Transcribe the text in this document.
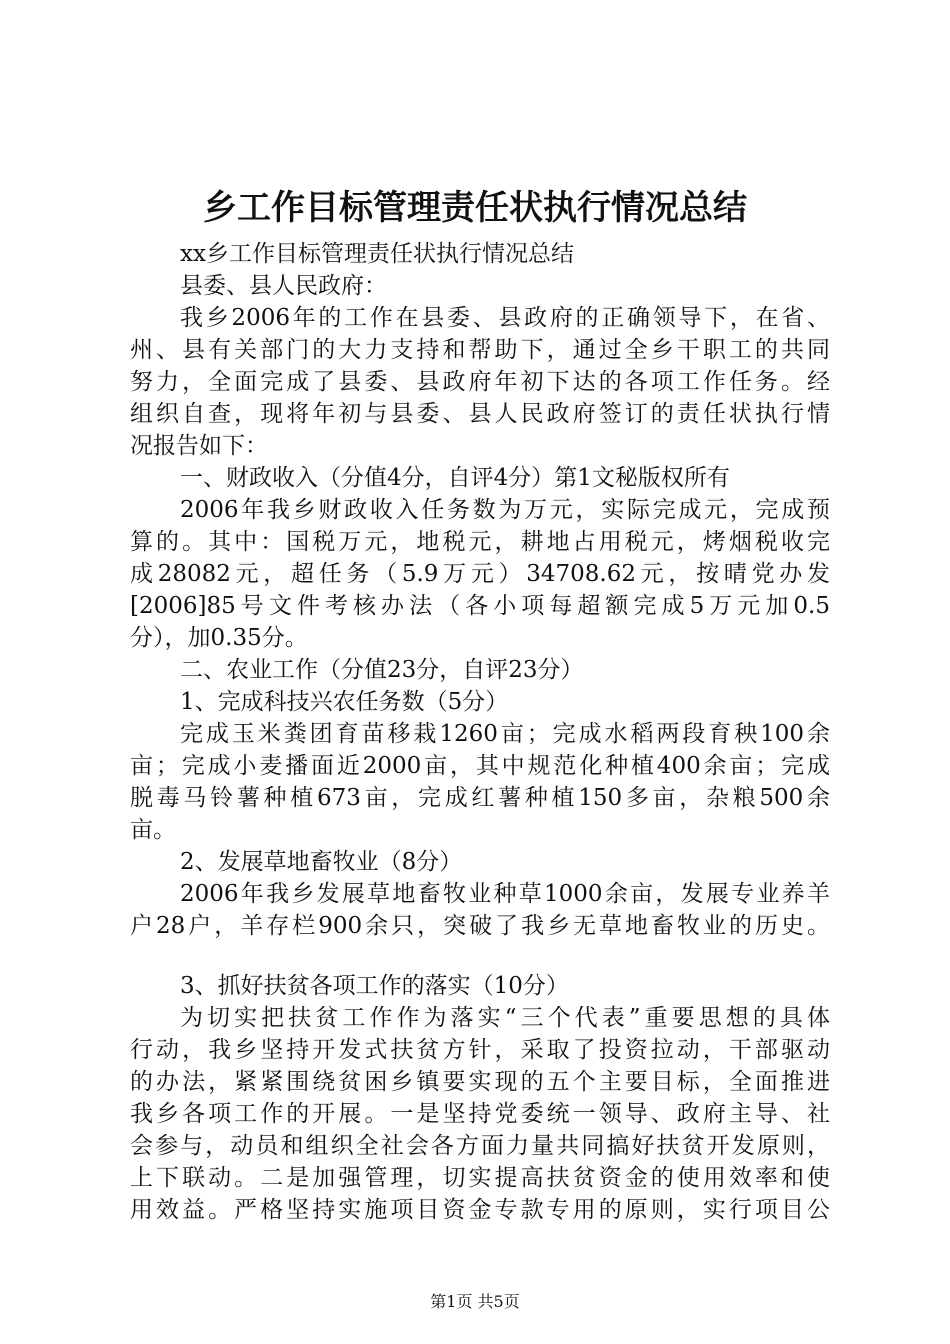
乡工作目标管理责任状执行情况总结
xx乡工作目标管理责任状执行情况总结
县委、县人民政府：
我乡2006年的工作在县委、县政府的正确领导下，在省、
州、县有关部门的大力支持和帮助下，通过全乡干职工的共同
努力，全面完成了县委、县政府年初下达的各项工作任务。经
组织自查，现将年初与县委、县人民政府签订的责任状执行情
况报告如下：
一、财政收入（分值4分，自评4分）第1文秘版权所有
2006年我乡财政收入任务数为万元，实际完成元，完成预
算的。其中：国税万元，地税元，耕地占用税元，烤烟税收完
成28082元，超任务（5.9万元）34708.62元，按晴党办发
[2006]85号文件考核办法（各小项每超额完成5万元加0.5
分），加0.35分。
二、农业工作（分值23分，自评23分）
1、完成科技兴农任务数（5分）
完成玉米粪团育苗移栽1260亩；完成水稻两段育秧100余
亩；完成小麦播面近2000亩，其中规范化种植400余亩；完成
脱毒马铃薯种植673亩，完成红薯种植150多亩，杂粮500余
亩。
2、发展草地畜牧业（8分）
2006年我乡发展草地畜牧业种草1000余亩，发展专业养羊
户28户，羊存栏900余只，突破了我乡无草地畜牧业的历史。
3、抓好扶贫各项工作的落实（10分）
为切实把扶贫工作作为落实“三个代表”重要思想的具体
行动，我乡坚持开发式扶贫方针，采取了投资拉动，干部驱动
的办法，紧紧围绕贫困乡镇要实现的五个主要目标，全面推进
我乡各项工作的开展。一是坚持党委统一领导、政府主导、社
会参与，动员和组织全社会各方面力量共同搞好扶贫开发原则，
上下联动。二是加强管理，切实提高扶贫资金的使用效率和使
用效益。严格坚持实施项目资金专款专用的原则，实行项目公
第1页 共5页
